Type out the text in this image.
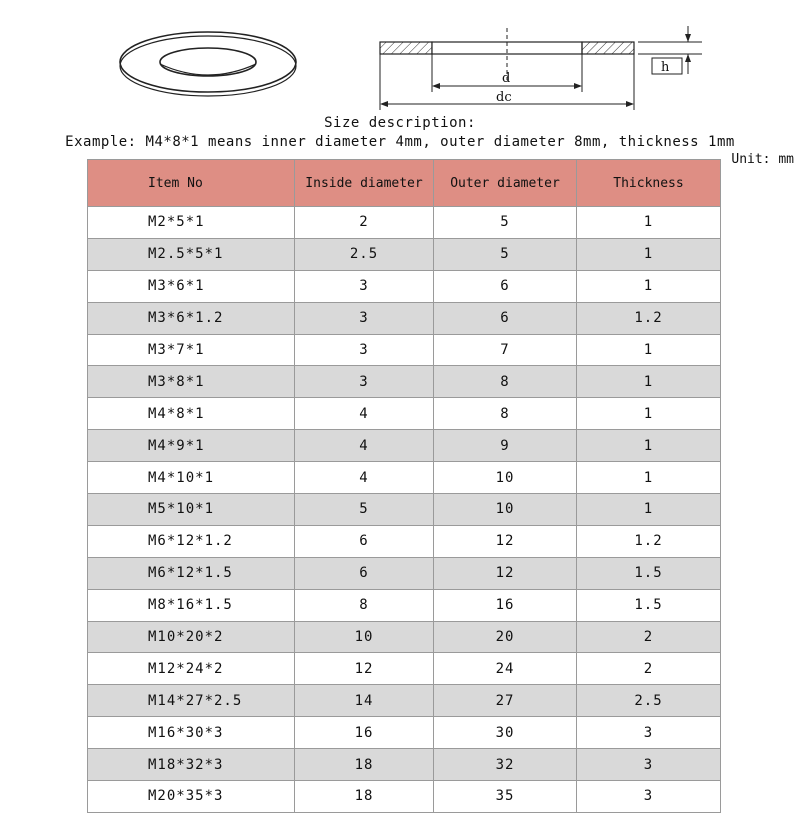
h
d
dc
Size description:
Example: M4*8*1 means inner diameter 4mm, outer diameter 8mm, thickness 1mm
Unit: mm
Item No	Inside diameter	Outer diameter	Thickness
M2*5*1	2	5	1
M2.5*5*1	2.5	5	1
M3*6*1	3	6	1
M3*6*1.2	3	6	1.2
M3*7*1	3	7	1
M3*8*1	3	8	1
M4*8*1	4	8	1
M4*9*1	4	9	1
M4*10*1	4	10	1
M5*10*1	5	10	1
M6*12*1.2	6	12	1.2
M6*12*1.5	6	12	1.5
M8*16*1.5	8	16	1.5
M10*20*2	10	20	2
M12*24*2	12	24	2
M14*27*2.5	14	27	2.5
M16*30*3	16	30	3
M18*32*3	18	32	3
M20*35*3	18	35	3
